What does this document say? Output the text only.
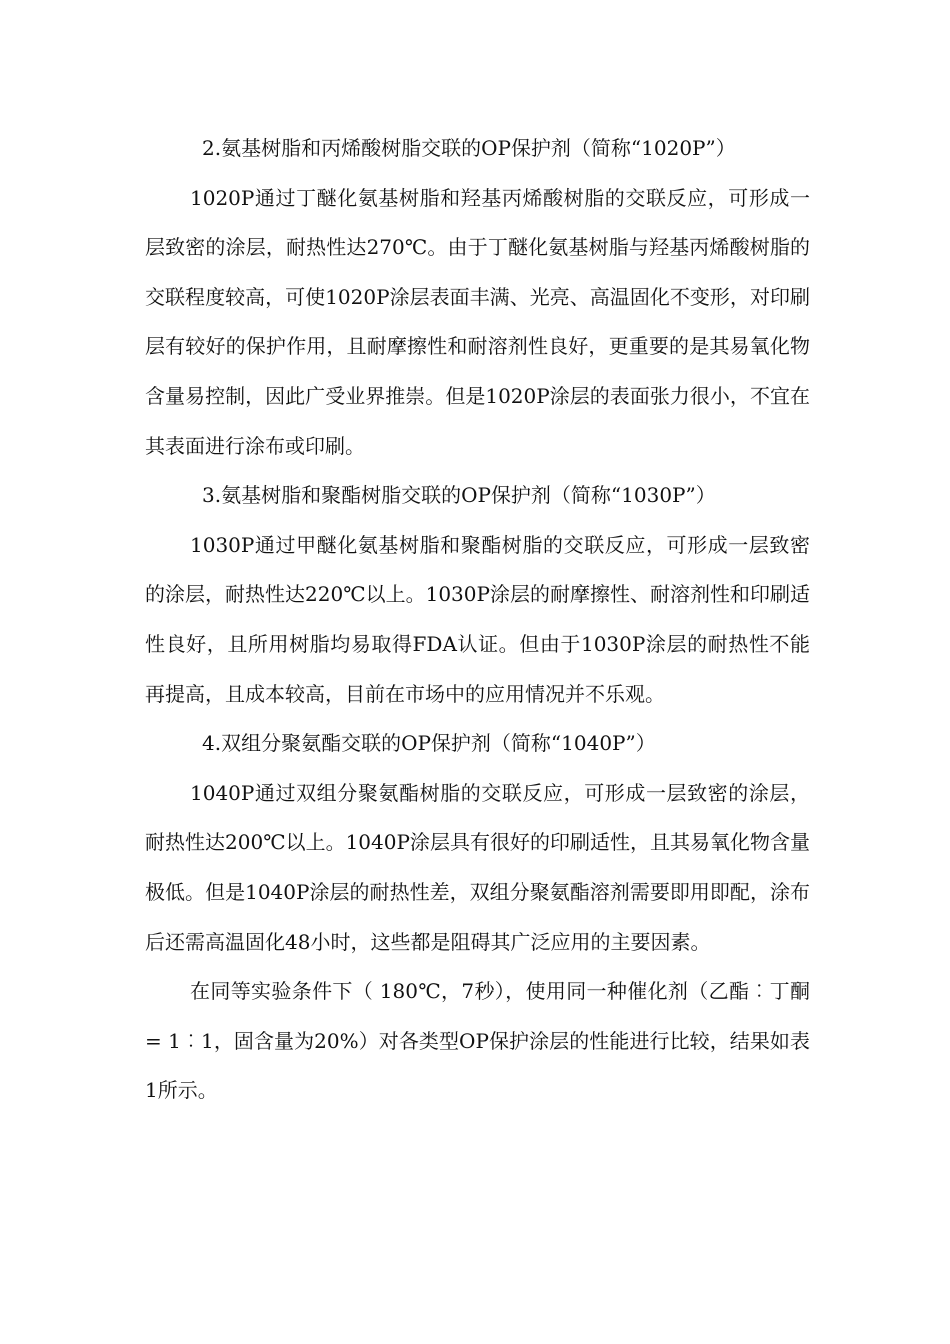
2.氨基树脂和丙烯酸树脂交联的OP保护剂（简称“1020P”）

1020P通过丁醚化氨基树脂和羟基丙烯酸树脂的交联反应，可形成一层致密的涂层，耐热性达270℃。由于丁醚化氨基树脂与羟基丙烯酸树脂的交联程度较高，可使1020P涂层表面丰满、光亮、高温固化不变形，对印刷层有较好的保护作用，且耐摩擦性和耐溶剂性良好，更重要的是其易氧化物含量易控制，因此广受业界推崇。但是1020P涂层的表面张力很小，不宜在其表面进行涂布或印刷。

3.氨基树脂和聚酯树脂交联的OP保护剂（简称“1030P”）

1030P通过甲醚化氨基树脂和聚酯树脂的交联反应，可形成一层致密的涂层，耐热性达220℃以上。1030P涂层的耐摩擦性、耐溶剂性和印刷适性良好，且所用树脂均易取得FDA认证。但由于1030P涂层的耐热性不能再提高，且成本较高，目前在市场中的应用情况并不乐观。

4.双组分聚氨酯交联的OP保护剂（简称“1040P”）

1040P通过双组分聚氨酯树脂的交联反应，可形成一层致密的涂层，耐热性达200℃以上。1040P涂层具有很好的印刷适性，且其易氧化物含量极低。但是1040P涂层的耐热性差，双组分聚氨酯溶剂需要即用即配，涂布后还需高温固化48小时，这些都是阻碍其广泛应用的主要因素。

在同等实验条件下（ 180℃，7秒），使用同一种催化剂（乙酯︰丁酮= 1︰1，固含量为20%）对各类型OP保护涂层的性能进行比较，结果如表1所示。
